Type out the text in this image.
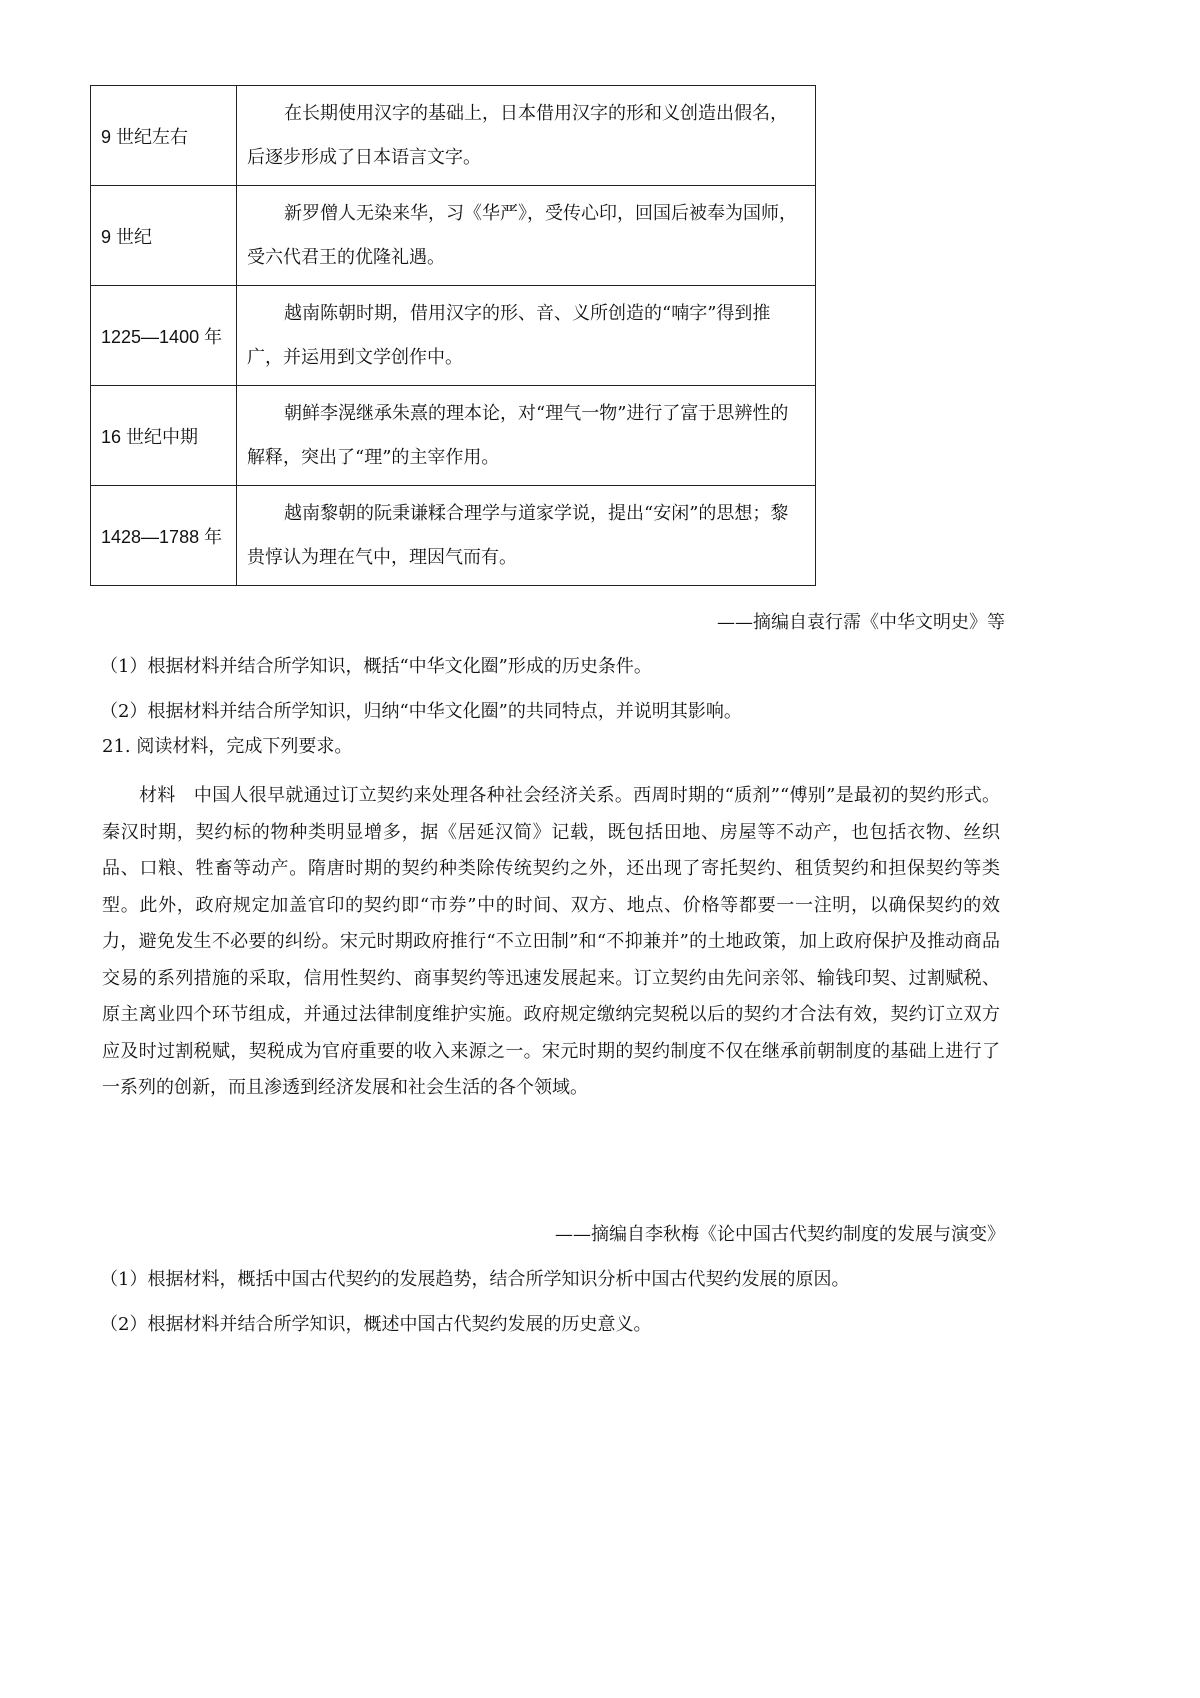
9 世纪左右	在长期使用汉字的基础上，日本借用汉字的形和义创造出假名，后逐步形成了日本语言文字。
9 世纪	新罗僧人无染来华，习《华严》，受传心印，回国后被奉为国师，受六代君王的优隆礼遇。
1225—1400 年	越南陈朝时期，借用汉字的形、音、义所创造的“喃字”得到推广，并运用到文学创作中。
16 世纪中期	朝鲜李滉继承朱熹的理本论，对“理气一物”进行了富于思辨性的解释，突出了“理”的主宰作用。
1428—1788 年	越南黎朝的阮秉谦糅合理学与道家学说，提出“安闲”的思想；黎贵惇认为理在气中，理因气而有。
——摘编自袁行霈《中华文明史》等
（1）根据材料并结合所学知识，概括“中华文化圈”形成的历史条件。
（2）根据材料并结合所学知识，归纳“中华文化圈”的共同特点，并说明其影响。
21. 阅读材料，完成下列要求。
材料　中国人很早就通过订立契约来处理各种社会经济关系。西周时期的“质剂”“傅别”是最初的契约形式。秦汉时期，契约标的物种类明显增多，据《居延汉简》记载，既包括田地、房屋等不动产，也包括衣物、丝织品、口粮、牲畜等动产。隋唐时期的契约种类除传统契约之外，还出现了寄托契约、租赁契约和担保契约等类型。此外，政府规定加盖官印的契约即“市券”中的时间、双方、地点、价格等都要一一注明，以确保契约的效力，避免发生不必要的纠纷。宋元时期政府推行“不立田制”和“不抑兼并”的土地政策，加上政府保护及推动商品交易的系列措施的采取，信用性契约、商事契约等迅速发展起来。订立契约由先问亲邻、输钱印契、过割赋税、原主离业四个环节组成，并通过法律制度维护实施。政府规定缴纳完契税以后的契约才合法有效，契约订立双方应及时过割税赋，契税成为官府重要的收入来源之一。宋元时期的契约制度不仅在继承前朝制度的基础上进行了一系列的创新，而且渗透到经济发展和社会生活的各个领域。
——摘编自李秋梅《论中国古代契约制度的发展与演变》
（1）根据材料，概括中国古代契约的发展趋势，结合所学知识分析中国古代契约发展的原因。
（2）根据材料并结合所学知识，概述中国古代契约发展的历史意义。
